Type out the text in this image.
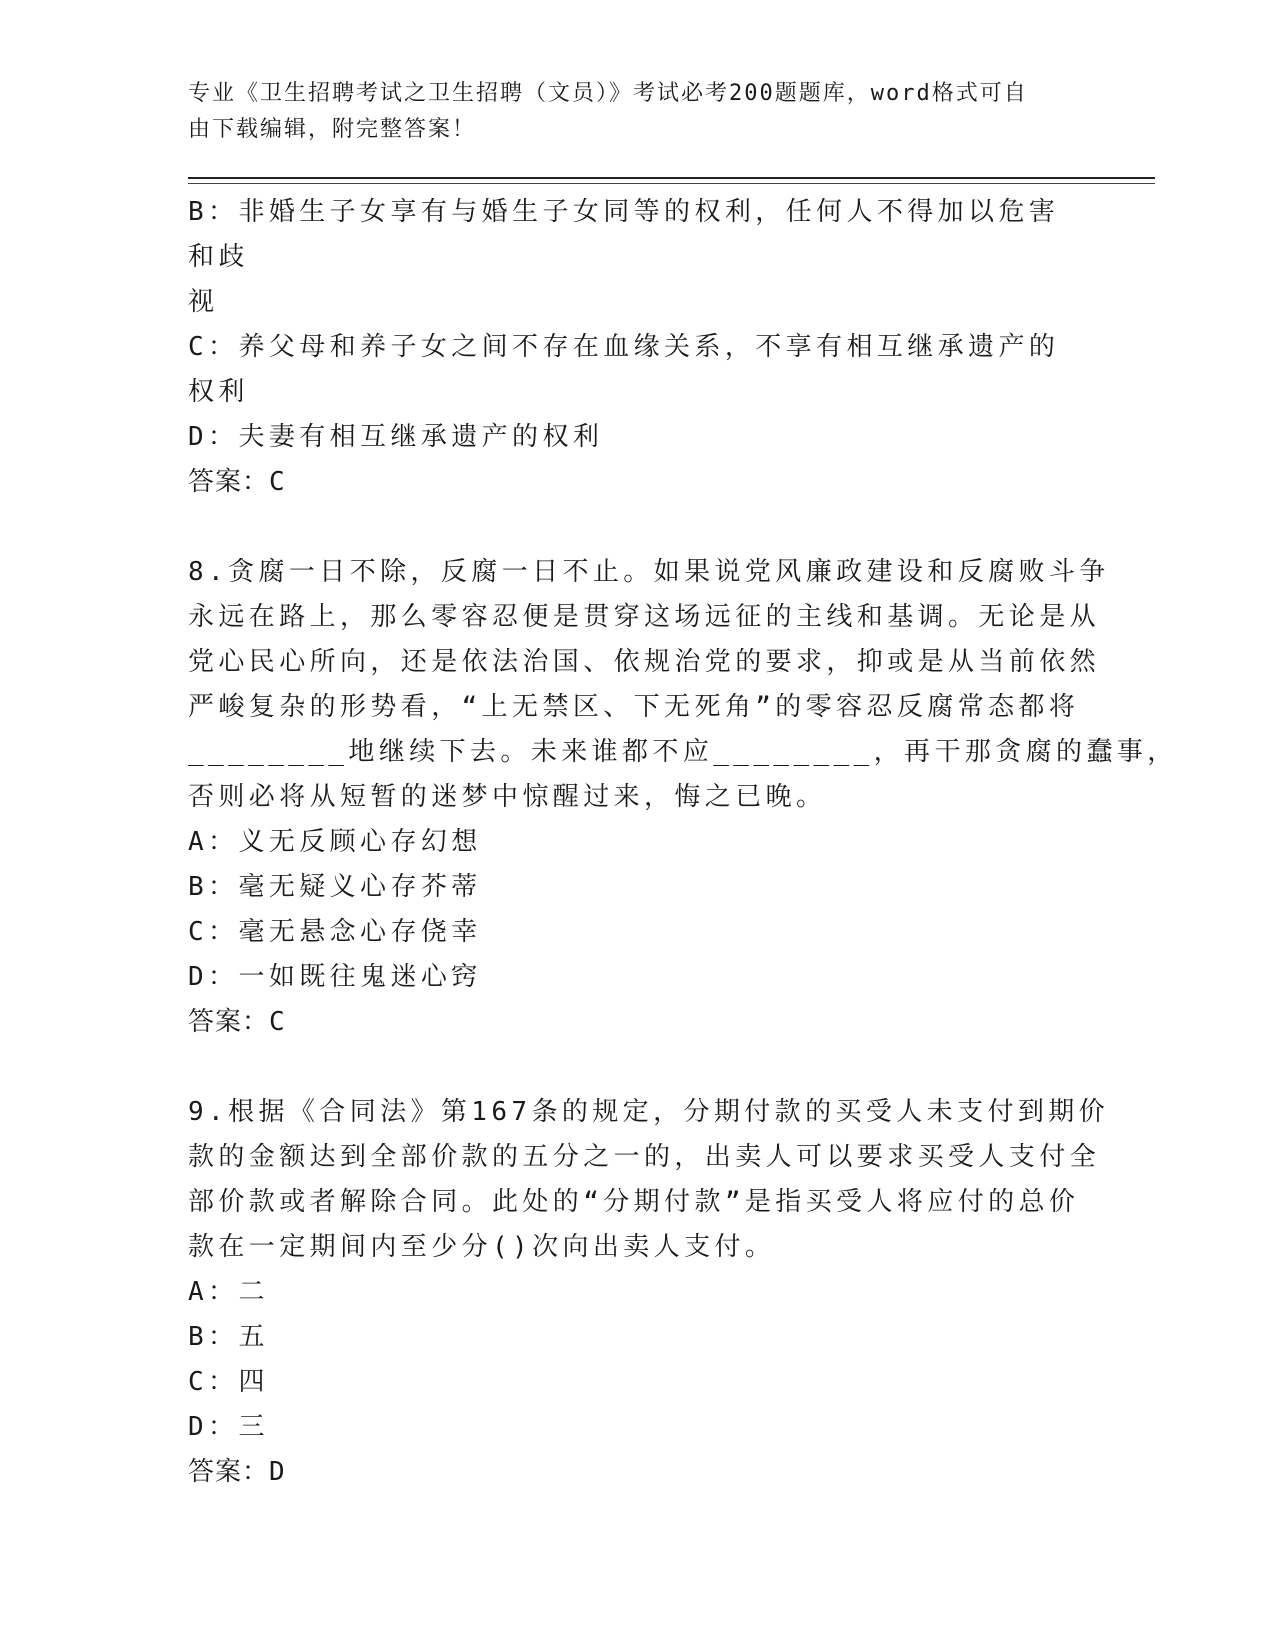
专业《卫生招聘考试之卫生招聘（文员）》考试必考200题题库，word格式可自
由下载编辑，附完整答案！
B：非婚生子女享有与婚生子女同等的权利，任何人不得加以危害和歧
视
C：养父母和养子女之间不存在血缘关系，不享有相互继承遗产的权利
D：夫妻有相互继承遗产的权利
答案：C
8.贪腐一日不除，反腐一日不止。如果说党风廉政建设和反腐败斗争
永远在路上，那么零容忍便是贯穿这场远征的主线和基调。无论是从
党心民心所向，还是依法治国、依规治党的要求，抑或是从当前依然
严峻复杂的形势看，“上无禁区、下无死角”的零容忍反腐常态都将
________地继续下去。未来谁都不应________，再干那贪腐的蠢事，
否则必将从短暂的迷梦中惊醒过来，悔之已晚。
A：义无反顾心存幻想
B：毫无疑义心存芥蒂
C：毫无悬念心存侥幸
D：一如既往鬼迷心窍
答案：C
9.根据《合同法》第167条的规定，分期付款的买受人未支付到期价
款的金额达到全部价款的五分之一的，出卖人可以要求买受人支付全
部价款或者解除合同。此处的“分期付款”是指买受人将应付的总价
款在一定期间内至少分()次向出卖人支付。
A：二
B：五
C：四
D：三
答案：D
